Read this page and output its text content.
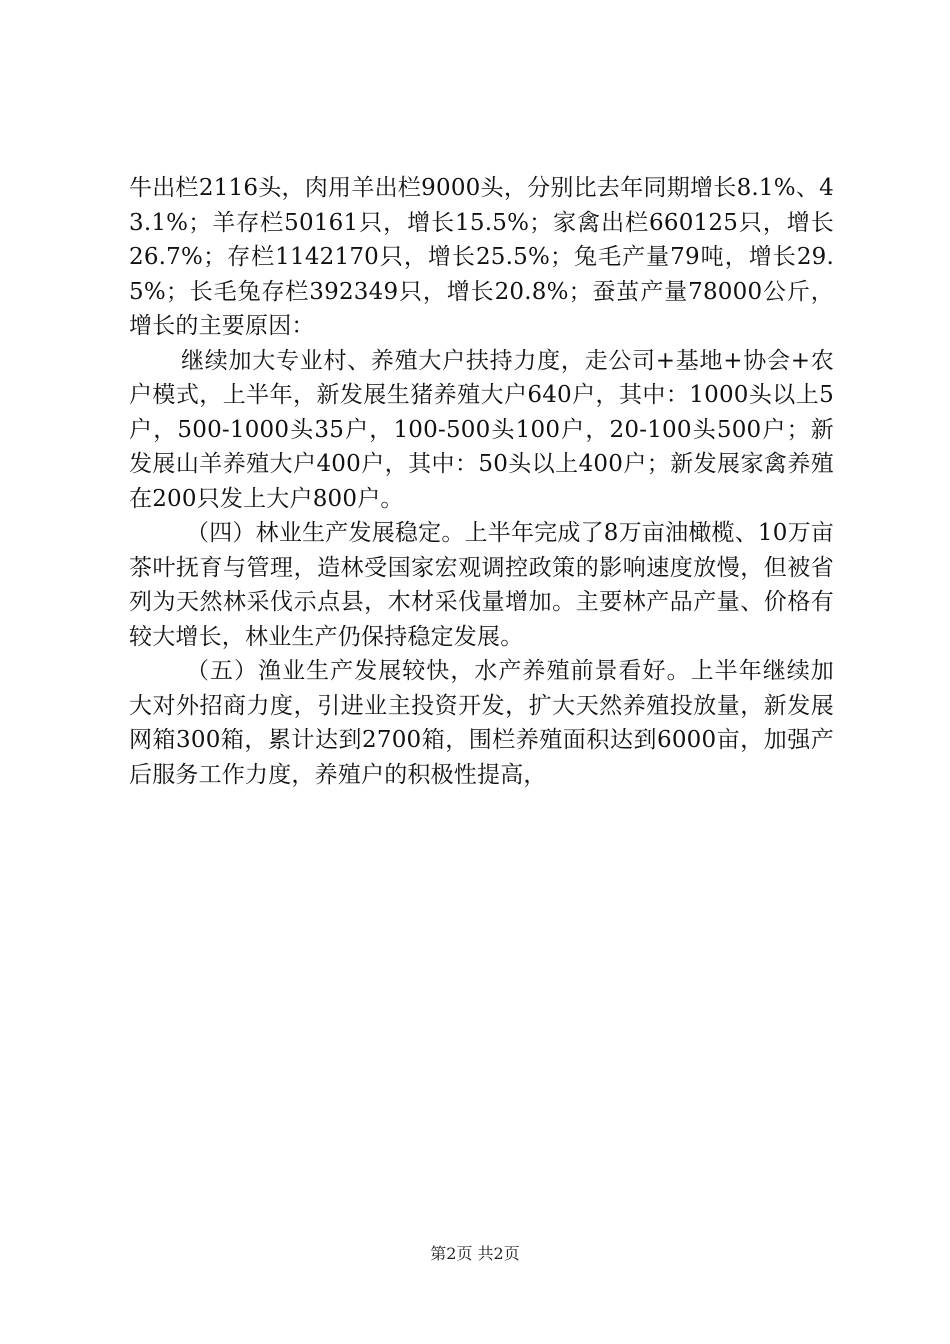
牛出栏2116头，肉用羊出栏9000头，分别比去年同期增长8.1%、43.1%；羊存栏50161只，增长15.5%；家禽出栏660125只，增长26.7%；存栏1142170只，增长25.5%；兔毛产量79吨，增长29.5%；长毛兔存栏392349只，增长20.8%；蚕茧产量78000公斤，增长的主要原因：

继续加大专业村、养殖大户扶持力度，走公司+基地+协会+农户模式，上半年，新发展生猪养殖大户640户，其中：1000头以上5户，500-1000头35户，100-500头100户，20-100头500户；新发展山羊养殖大户400户，其中：50头以上400户；新发展家禽养殖在200只发上大户800户。

（四）林业生产发展稳定。上半年完成了8万亩油橄榄、10万亩茶叶抚育与管理，造林受国家宏观调控政策的影响速度放慢，但被省列为天然林采伐示点县，木材采伐量增加。主要林产品产量、价格有较大增长，林业生产仍保持稳定发展。

（五）渔业生产发展较快，水产养殖前景看好。上半年继续加大对外招商力度，引进业主投资开发，扩大天然养殖投放量，新发展网箱300箱，累计达到2700箱，围栏养殖面积达到6000亩，加强产后服务工作力度，养殖户的积极性提高，

第2页 共2页
